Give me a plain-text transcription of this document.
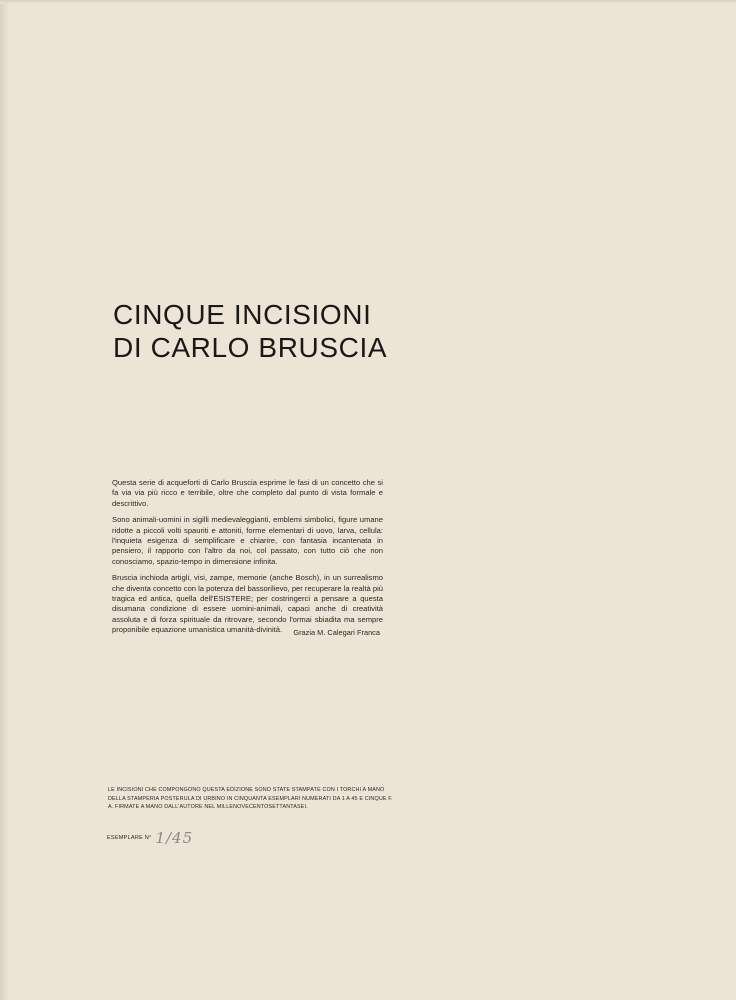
CINQUE INCISIONI
DI CARLO BRUSCIA

Questa serie di acqueforti di Carlo Bruscia esprime le fasi di un concetto che si fa via via più ricco e terribile, oltre che completo dal punto di vista formale e descrittivo.

Sono animali-uomini in sigilli medievaleggianti, emblemi simbolici, figure umane ridotte a piccoli volti spauriti e attoniti, forme elementari di uovo, larva, cellula: l'inquieta esigenza di semplificare e chiarire, con fantasia incantenata in pensiero, il rapporto con l'altro da noi, col passato, con tutto ciò che non conosciamo, spazio-tempo in dimensione infinita.

Bruscia inchioda artigli, visi, zampe, memorie (anche Bosch), in un surrealismo che diventa concetto con la potenza del bassorilievo, per recuperare la realtà più tragica ed antica, quella dell'ESISTERE; per costringerci a pensare a questa disumana condizione di essere uomini-animali, capaci anche di creatività assoluta e di forza spirituale da ritrovare, secondo l'ormai sbiadita ma sempre proponibile equazione umanistica umanità-divinità.	Grazia M. Calegari Franca

LE INCISIONI CHE COMPONGONO QUESTA EDIZIONE SONO STATE STAMPATE CON I TORCHI A MANO DELLA STAMPERIA POSTERULA DI URBINO IN CINQUANTA ESEMPLARI NUMERATI DA 1 A 45 E CINQUE F. A. FIRMATE A MANO DALL'AUTORE NEL MILLENOVECENTOSETTANTASEI.

ESEMPLARE N° 1/45
